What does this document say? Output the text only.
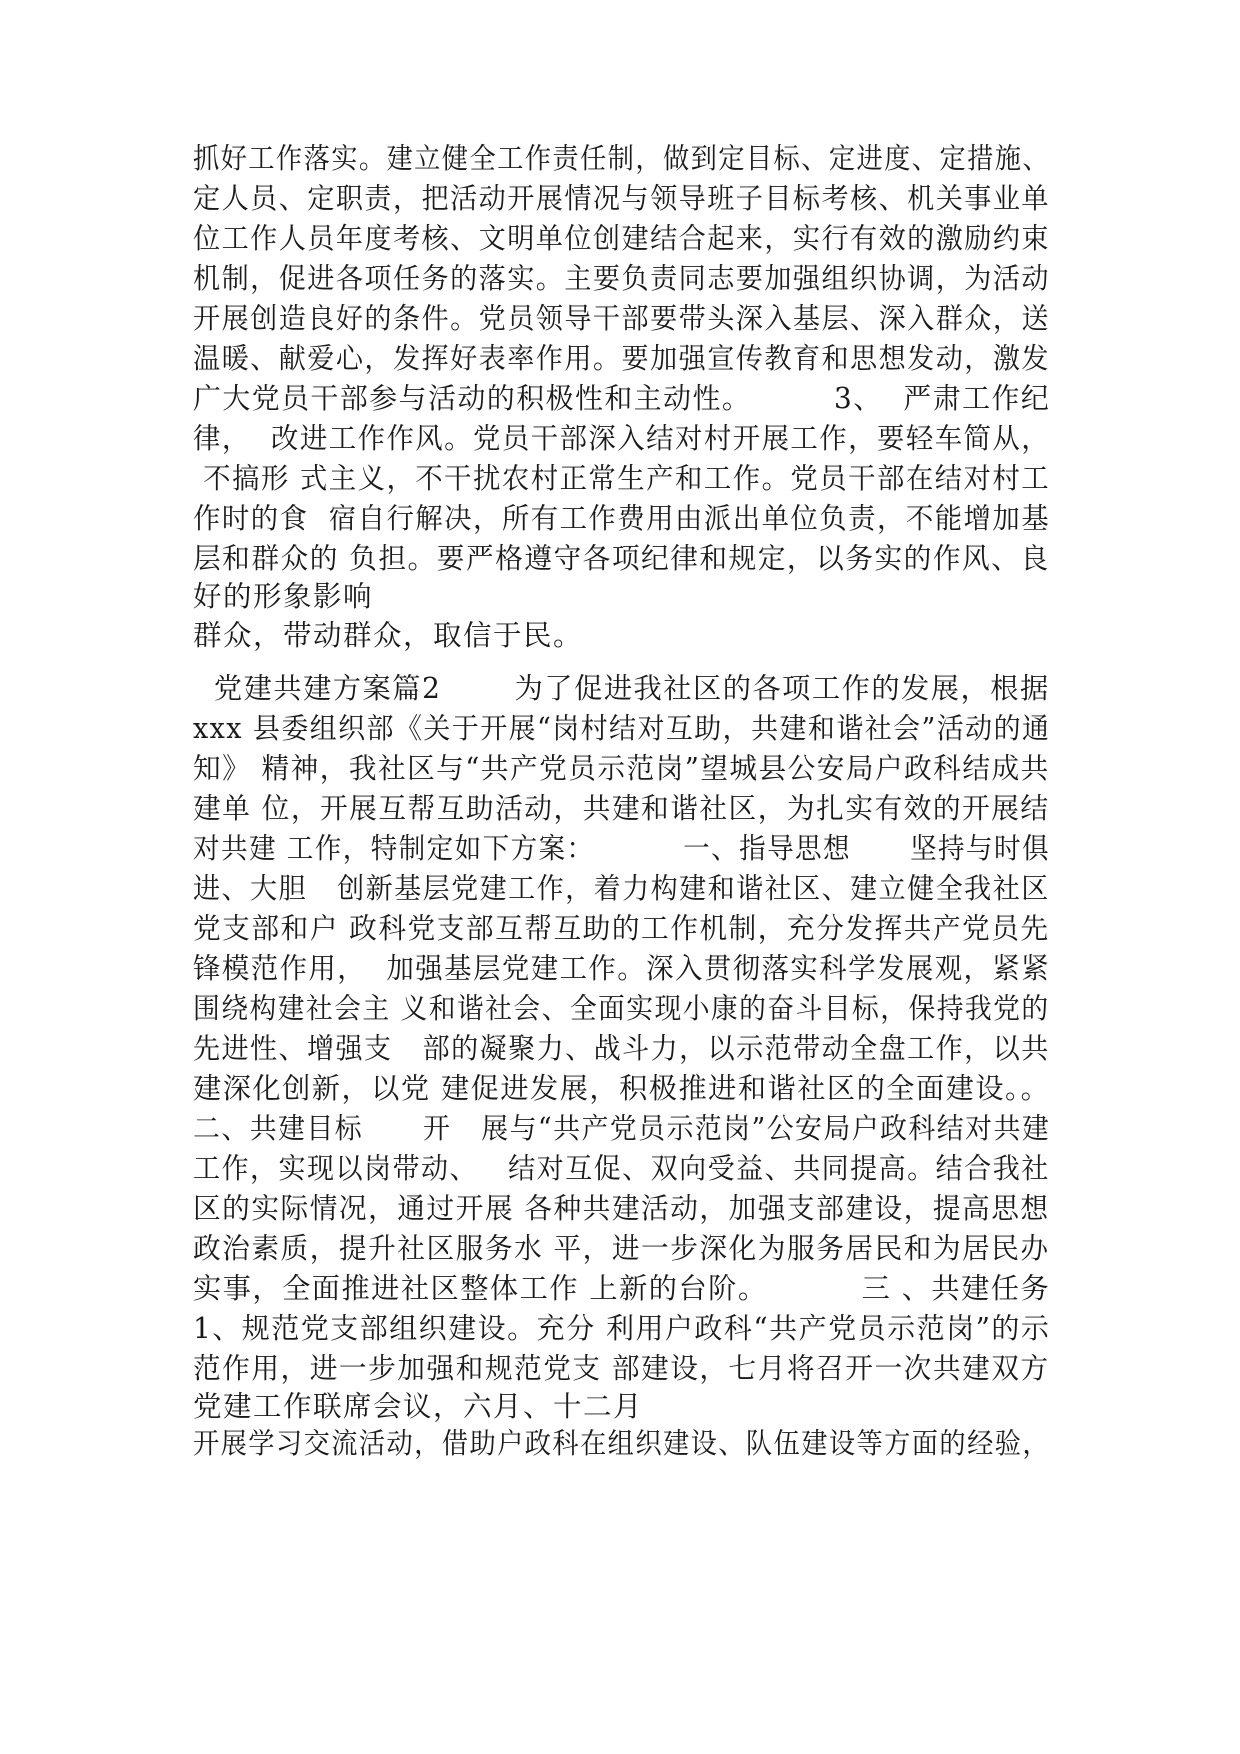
抓好工作落实。建立健全工作责任制，做到定目标、定进度、定措施、

定人员、定职责，把活动开展情况与领导班子目标考核、机关事业单

位工作人员年度考核、文明单位创建结合起来，实行有效的激励约束

机制，促进各项任务的落实。主要负责同志要加强组织协调，为活动

开展创造良好的条件。党员领导干部要带头深入基层、深入群众，送

温暖、献爱心，发挥好表率作用。要加强宣传教育和思想发动，激发

广大党员干部参与活动的积极性和主动性。        3、  严肃工作纪

律，  改进工作作风。党员干部深入结对村开展工作，要轻车简从，

不搞形 式主义，不干扰农村正常生产和工作。党员干部在结对村工

作时的食  宿自行解决，所有工作费用由派出单位负责，不能增加基

层和群众的 负担。要严格遵守各项纪律和规定，以务实的作风、良

好的形象影响

群众，带动群众，取信于民。

党建共建方案篇2       为了促进我社区的各项工作的发展，根据

xxx 县委组织部《关于开展“岗村结对互助，共建和谐社会”活动的通

知》 精神，我社区与“共产党员示范岗”望城县公安局户政科结成共

建单 位，开展互帮互助活动，共建和谐社区，为扎实有效的开展结

对共建 工作，特制定如下方案：         一、指导思想      坚持与时俱

进、大胆   创新基层党建工作，着力构建和谐社区、建立健全我社区

党支部和户 政科党支部互帮互助的工作机制，充分发挥共产党员先

锋模范作用，  加强基层党建工作。深入贯彻落实科学发展观，紧紧

围绕构建社会主 义和谐社会、全面实现小康的奋斗目标，保持我党的

先进性、增强支   部的凝聚力、战斗力，以示范带动全盘工作，以共

建深化创新，以党 建促进发展，积极推进和谐社区的全面建设。。

二、共建目标      开   展与“共产党员示范岗”公安局户政科结对共建

工作，实现以岗带动、   结对互促、双向受益、共同提高。结合我社

区的实际情况，通过开展 各种共建活动，加强支部建设，提高思想

政治素质，提升社区服务水 平，进一步深化为服务居民和为居民办

实事，全面推进社区整体工作 上新的台阶。         三 、共建任务

1、规范党支部组织建设。充分 利用户政科“共产党员示范岗”的示

范作用，进一步加强和规范党支 部建设，七月将召开一次共建双方

党建工作联席会议，六月、十二月

开展学习交流活动，借助户政科在组织建设、队伍建设等方面的经验，
